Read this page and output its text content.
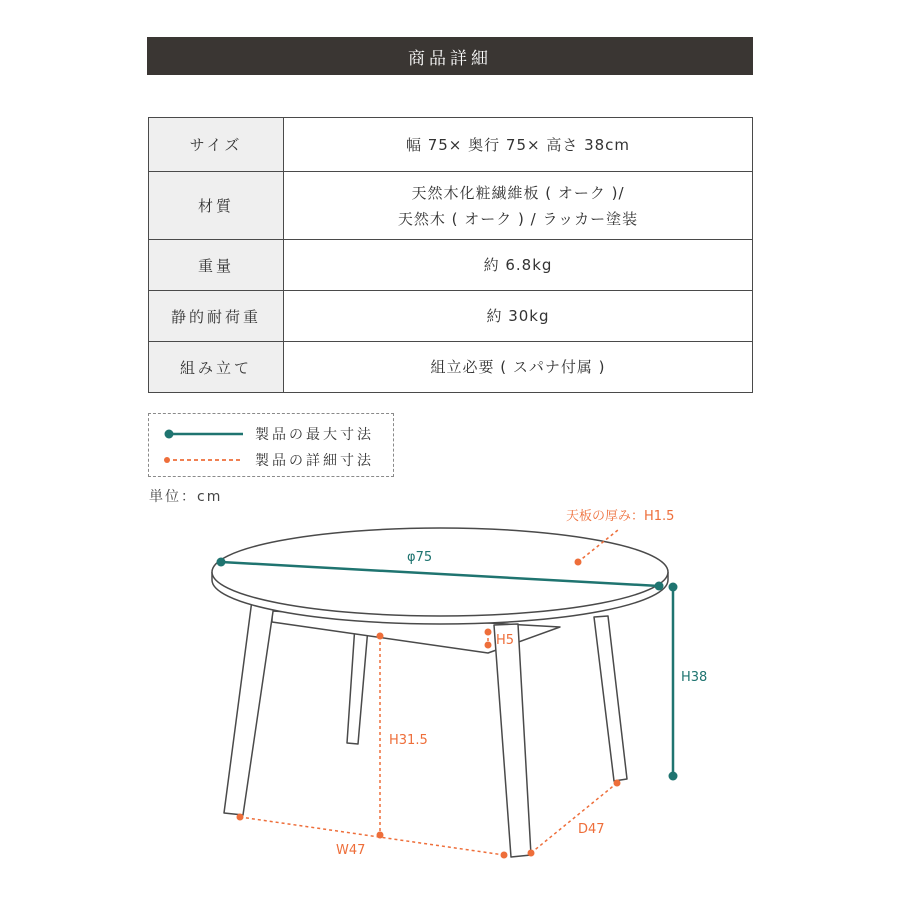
商品詳細
サイズ	幅 75× 奥行 75× 高さ 38cm
材質	天然木化粧繊維板 ( オーク )/
天然木 ( オーク ) / ラッカー塗装

重量	約 6.8kg
静的耐荷重	約 30kg
組み立て	組立必要 ( スパナ付属 )
製品の最大寸法
製品の詳細寸法
単位：cm
天板の厚み：H1.5
φ75
H38
H5
H31.5
W47
D47
